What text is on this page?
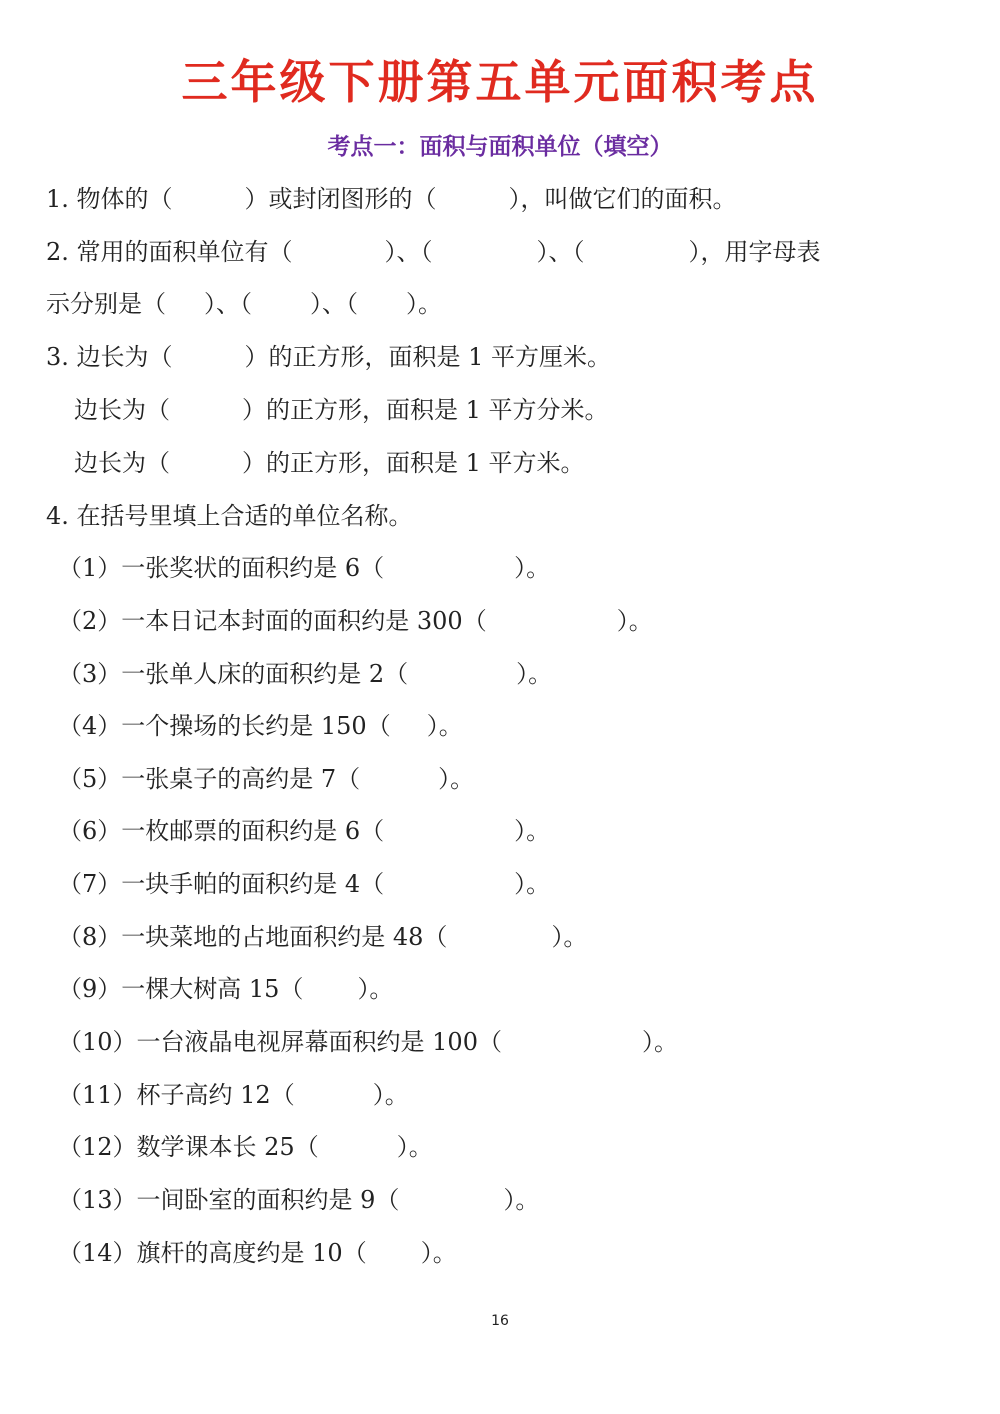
三年级下册第五单元面积考点
考点一：面积与面积单位（填空）
1. 物体的（	）或封闭图形的（	），叫做它们的面积。
2. 常用的面积单位有（	）、（	）、（	），用字母表
示分别是（ ）、（ ）、（ ）。
3. 边长为（	）的正方形，面积是 1 平方厘米。
边长为（	）的正方形，面积是 1 平方分米。
边长为（	）的正方形，面积是 1 平方米。
4. 在括号里填上合适的单位名称。
（1）一张奖状的面积约是 6（	）。
（2）一本日记本封面的面积约是 300（	）。
（3）一张单人床的面积约是 2（	）。
（4）一个操场的长约是 150（ ）。
（5）一张桌子的高约是 7（	）。
（6）一枚邮票的面积约是 6（	）。
（7）一块手帕的面积约是 4（	）。
（8）一块菜地的占地面积约是 48（	）。
（9）一棵大树高 15（ ）。
（10）一台液晶电视屏幕面积约是 100（	）。
（11）杯子高约 12（	）。
（12）数学课本长 25（	）。
（13）一间卧室的面积约是 9（	）。
（14）旗杆的高度约是 10（ ）。
16
